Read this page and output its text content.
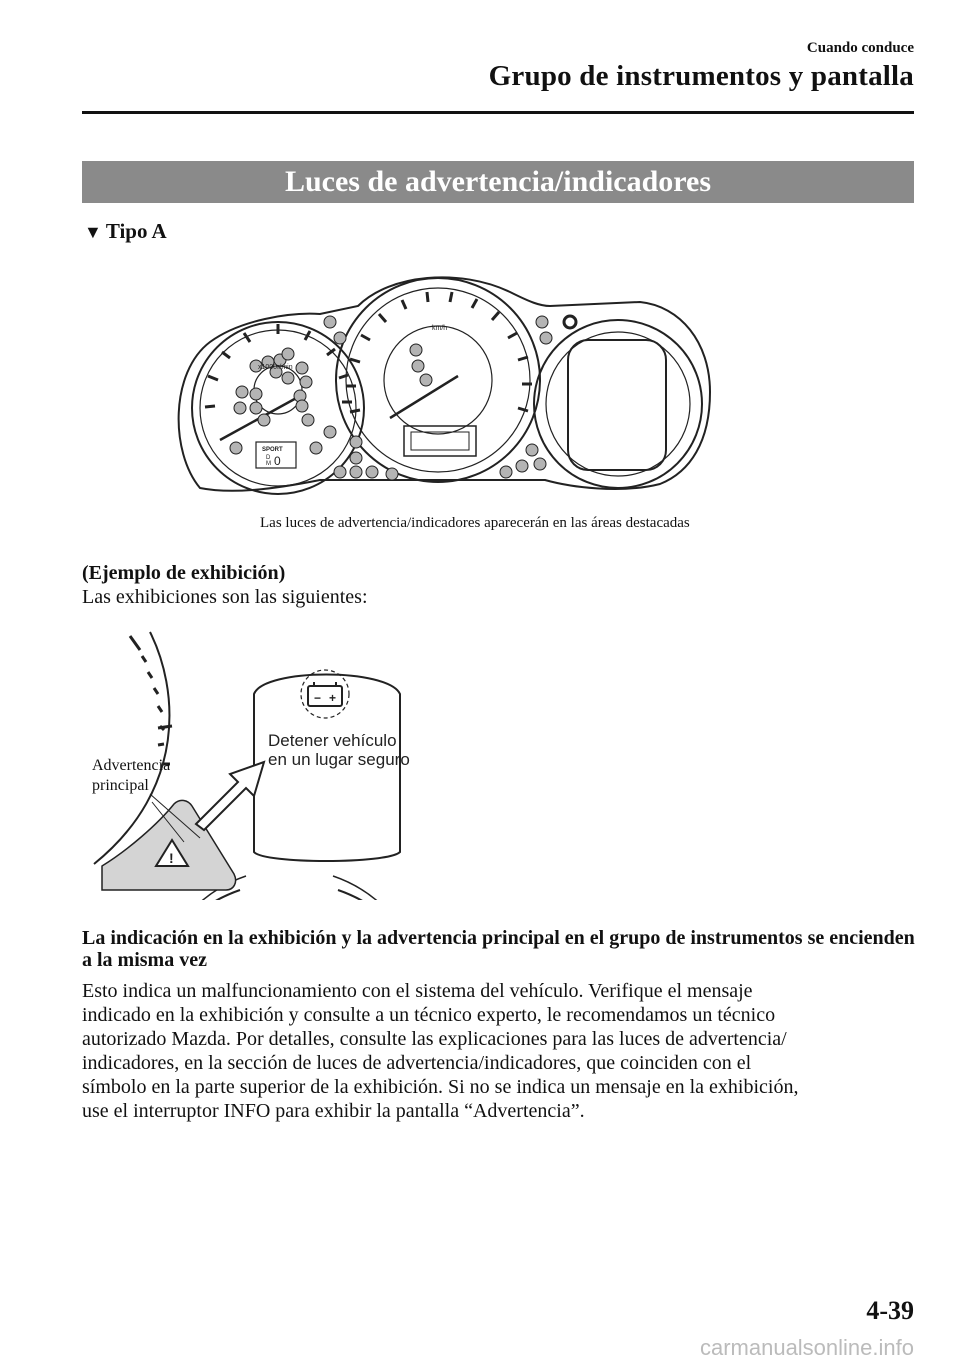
Cuando conduce
Grupo de instrumentos y pantalla
Luces de advertencia/indicadores
▼ Tipo A
x1000r/min
km/h
SPORT
D
M 0
Las luces de advertencia/indicadores aparecerán en las áreas destacadas
(Ejemplo de exhibición)
Las exhibiciones son las siguientes:
− +
Detener vehículo
en un lugar seguro
!
Advertencia
principal
La indicación en la exhibición y la advertencia principal en el grupo de instrumentos se encienden a la misma vez
Esto indica un malfuncionamiento con el sistema del vehículo. Verifique el mensaje
indicado en la exhibición y consulte a un técnico experto, le recomendamos un técnico
autorizado Mazda. Por detalles, consulte las explicaciones para las luces de advertencia/
indicadores, en la sección de luces de advertencia/indicadores, que coinciden con el
símbolo en la parte superior de la exhibición. Si no se indica un mensaje en la exhibición,
use el interruptor INFO para exhibir la pantalla “Advertencia”.
4-39
carmanualsonline.info
